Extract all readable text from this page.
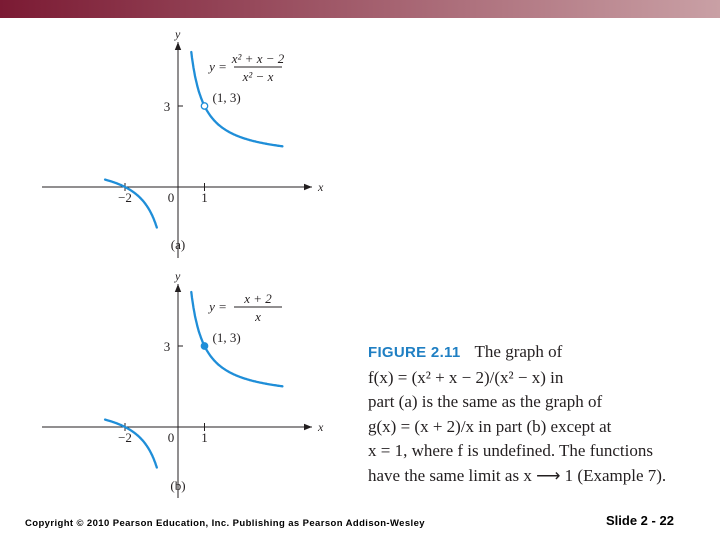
x
y
−2	0 1
3
(1, 3)
y =
x² + x − 2
x² − x
(a)
x
y
−2	0 1
3
(1, 3)
y =
x + 2
x
(b)
FIGURE 2.11 The graph of
f(x) = (x² + x − 2)/(x² − x) in
part (a) is the same as the graph of
g(x) = (x + 2)/x in part (b) except at
x = 1, where f is undefined. The functions
have the same limit as x ⟶ 1 (Example 7).
Copyright © 2010 Pearson Education, Inc. Publishing as Pearson Addison-Wesley	Slide 2 - 22
